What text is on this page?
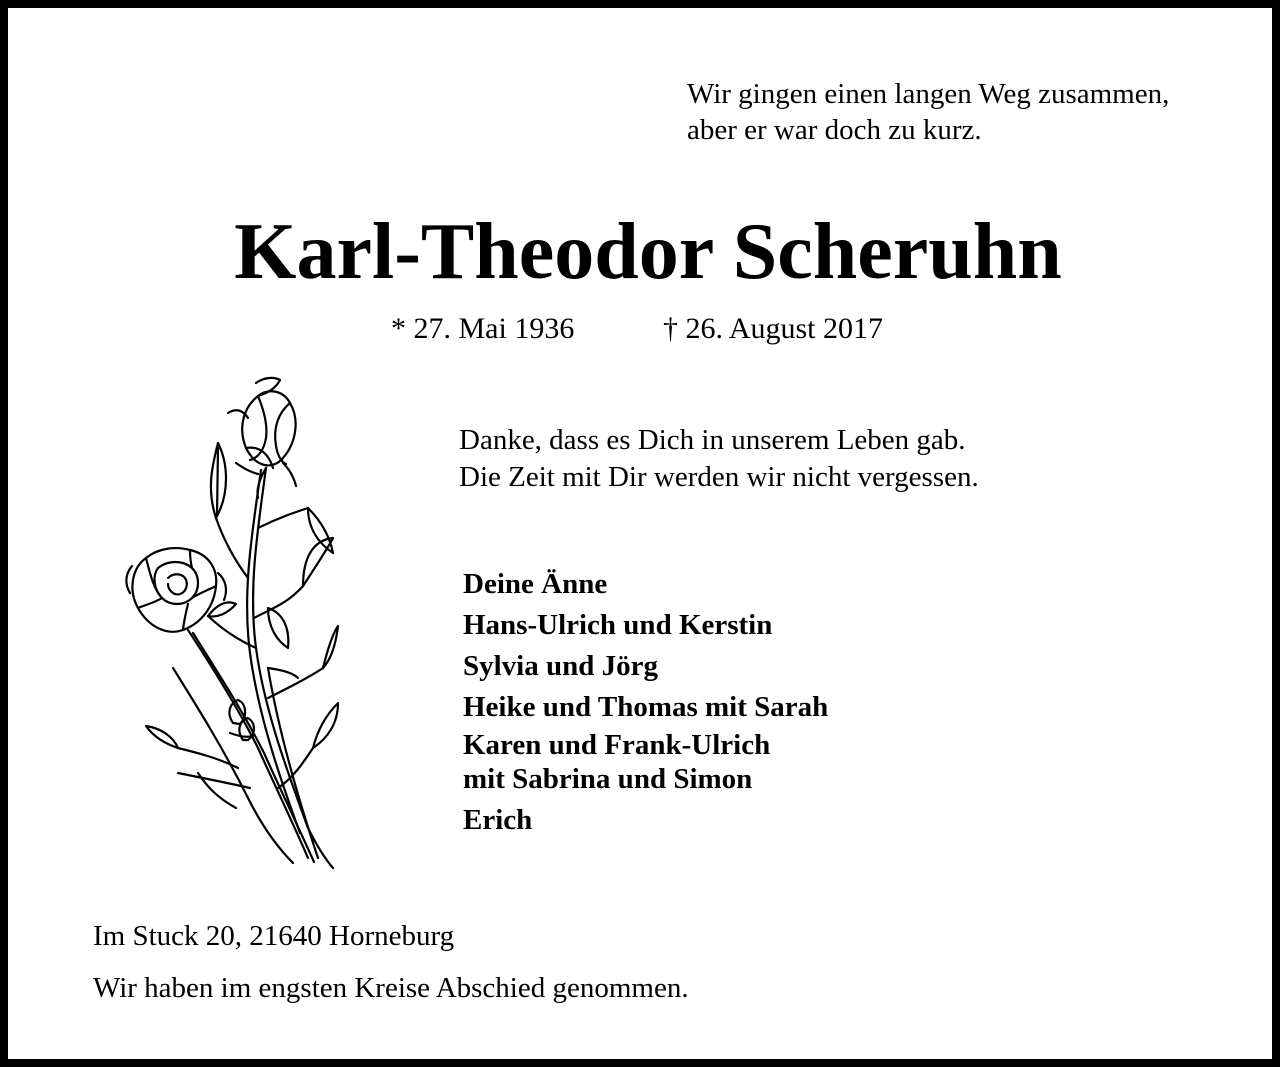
Wir gingen einen langen Weg zusammen,
aber er war doch zu kurz.
Karl-Theodor Scheruhn
* 27. Mai 1936	† 26. August 2017
Danke, dass es Dich in unserem Leben gab.
Die Zeit mit Dir werden wir nicht vergessen.
Deine Änne
Hans-Ulrich und Kerstin
Sylvia und Jörg
Heike und Thomas mit Sarah
Karen und Frank-Ulrich
mit Sabrina und Simon
Erich
Im Stuck 20, 21640 Horneburg
Wir haben im engsten Kreise Abschied genommen.
